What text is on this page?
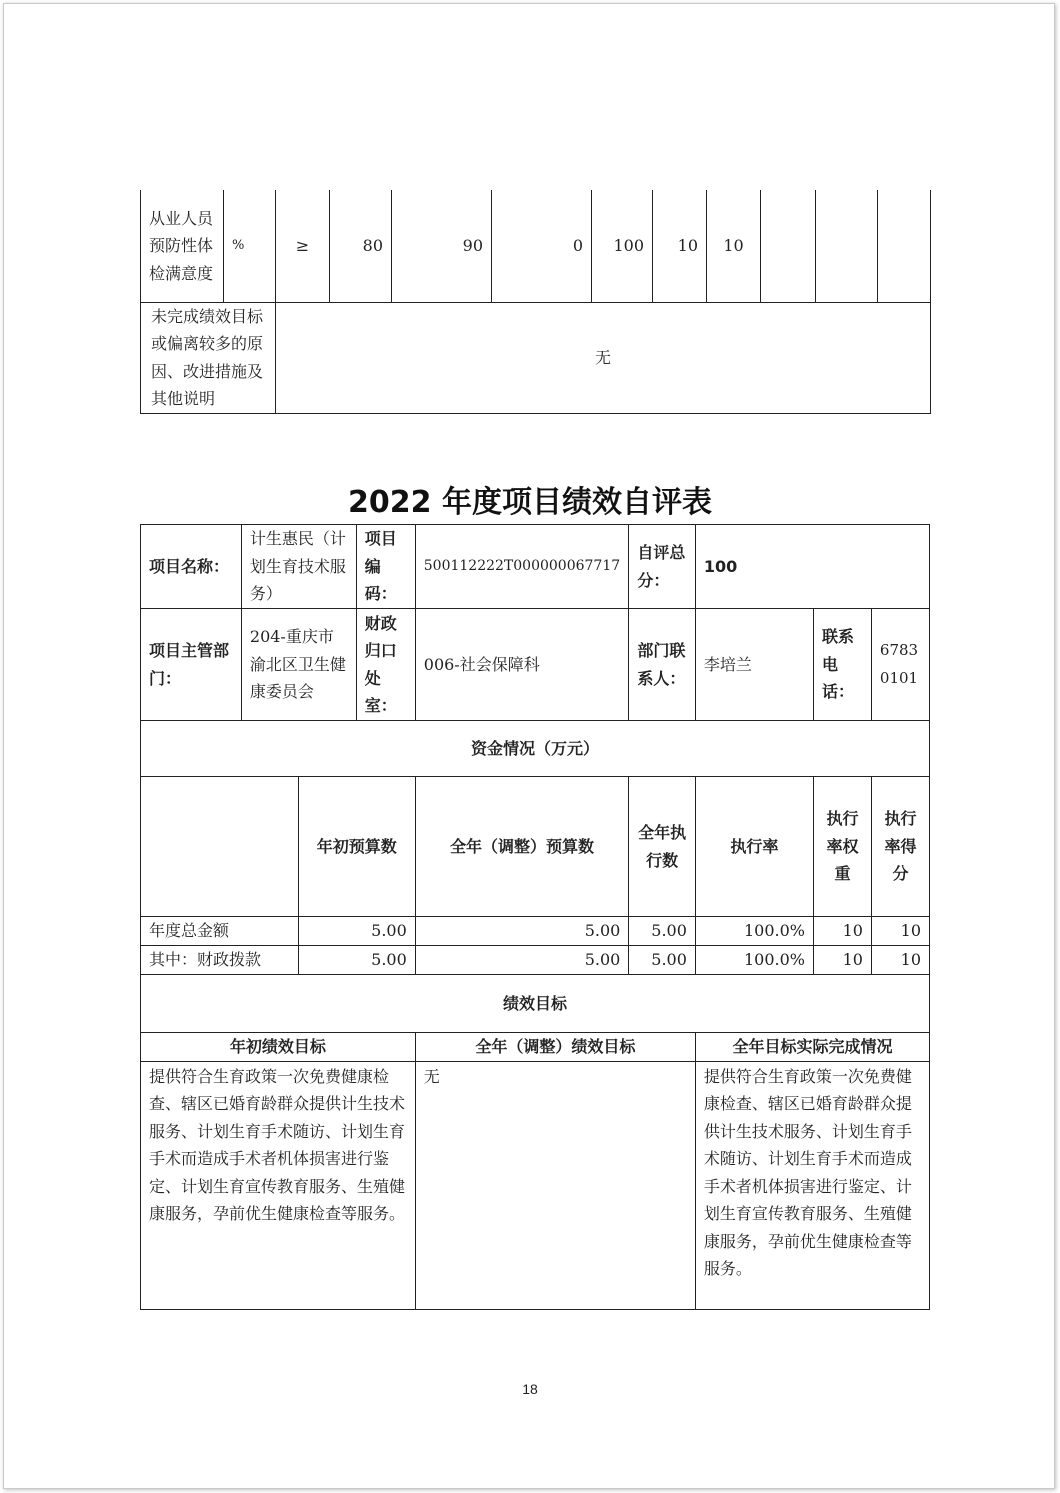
从业人员预防性体检满意度	%	≥	80	90	0	100	10	10			
未完成绩效目标或偏离较多的原因、改进措施及其他说明		无									
2022 年度项目绩效自评表
项目名称：	计生惠民（计划生育技术服务）		项目编码：	500112222T000000067717	自评总分：	100		
项目主管部门：	204-重庆市渝北区卫生健康委员会		财政归口处室：	006-社会保障科	部门联系人：	李培兰	联系电话：	67830101
资金情况（万元）								
		年初预算数		全年（调整）预算数	全年执行数	执行率	执行率权重	执行率得分
年度总金额		5.00		5.00	5.00	100.0%	10	10
其中：财政拨款		5.00		5.00	5.00	100.0%	10	10
绩效目标								
年初绩效目标				全年（调整）绩效目标		全年目标实际完成情况		
提供符合生育政策一次免费健康检查、辖区已婚育龄群众提供计生技术服务、计划生育手术随访、计划生育手术而造成手术者机体损害进行鉴定、计划生育宣传教育服务、生殖健康服务，孕前优生健康检查等服务。				无		提供符合生育政策一次免费健康检查、辖区已婚育龄群众提供计生技术服务、计划生育手术随访、计划生育手术而造成手术者机体损害进行鉴定、计划生育宣传教育服务、生殖健康服务，孕前优生健康检查等服务。		
18
